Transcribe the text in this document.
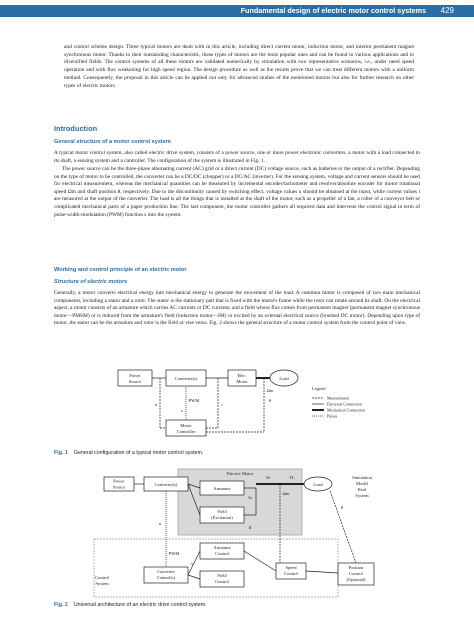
Fundamental design of electric motor control systems 429

and control scheme design. Three typical motors are dealt with in this article, including direct current motor, induction motor, and interior permanent magnet synchronous motor. Thanks to their outstanding characteristic, these types of motors are the most popular ones and can be found in various applications and in diversified fields. The control systems of all these motors are validated numerically by simulation with two representative scenarios, i.e., under rated speed operation and with flux weakening for high speed region. The design procedure as well as the results prove that we can treat different motors with a uniform method. Consequently, the proposal in this article can be applied not only for advanced studies of the mentioned motors but also for further research on other types of electric motors.

Introduction
General structure of a motor control system

A typical motor control system, also called electric drive system, consists of a power source, one or more power electronic converters, a motor with a load connected to its shaft, a sensing system and a controller. The configuration of the system is illustrated in Fig. 1.

The power source can be the three-phase alternating current (AC) grid or a direct current (DC) voltage source, such as batteries or the output of a rectifier. Depending on the type of motor to be controlled, the converter can be a DC/DC (chopper) or a DC/AC (inverter). For the sensing system, voltage and current sensors should be used for electrical measurement, whereas the mechanical quantities can be measured by incremental encoder/tachometer and resolver/absolute encoder for motor rotational speed Ωm and shaft position θ, respectively. Due to the discontinuity caused by switching effect, voltage values u should be obtained at the input, while current values i are measured at the output of the converter. The load is all the things that is installed at the shaft of the motor, such as a propeller of a fan, a roller of a conveyor belt or complicated mechanical parts of a paper production line. The last component, the motor controller gathers all required data and intervene the control signal in term of pulse-width-modulation (PWM) function s into the system.

Working and control principle of an electric motor
Structure of electric motors

Generally, a motor converts electrical energy into mechanical energy to generate the movement of the load. A common motor is composed of two main mechanical components, including a stator and a rotor. The stator is the stationary part that is fixed with the motor's frame while the rotor can rotate around its shaft. On the electrical aspect, a motor consists of an armature which carries AC currents or DC currents; and a field whose flux comes from permanent magnet (permanent magnet synchronous motor—PMSM) or is induced from the armature's field (induction motor—IM) or excited by an external electrical source (brushed DC motor). Depending upon type of motor, the stator can be the armature and rotor is the field or vise versa. Fig. 2 shows the general structure of a motor control system from the control point of view.

Power
Source
Converter(s)
Elec.
Motor
Load
Motor
Controller
PWM
u	i
s
Ωm
θ
Legend
Measurement
Electrical Connection
Mechanical Connection
Pulses

Fig. 1 General configuration of a typical motor control system.

Electric Motor
Power
Source	Converter(s)
Armature
Field
(Excitation)
Load
Simulation
Model
Real
System
Control
System
PWM
Converter
Control(s)
Armature
Control
Field
Control
Speed
Control
Position
Control
(Optional)
Ia
If
Te	TL
Ωm
θ
u
s

Fig. 2 Universal architecture of an electric drive control system.
